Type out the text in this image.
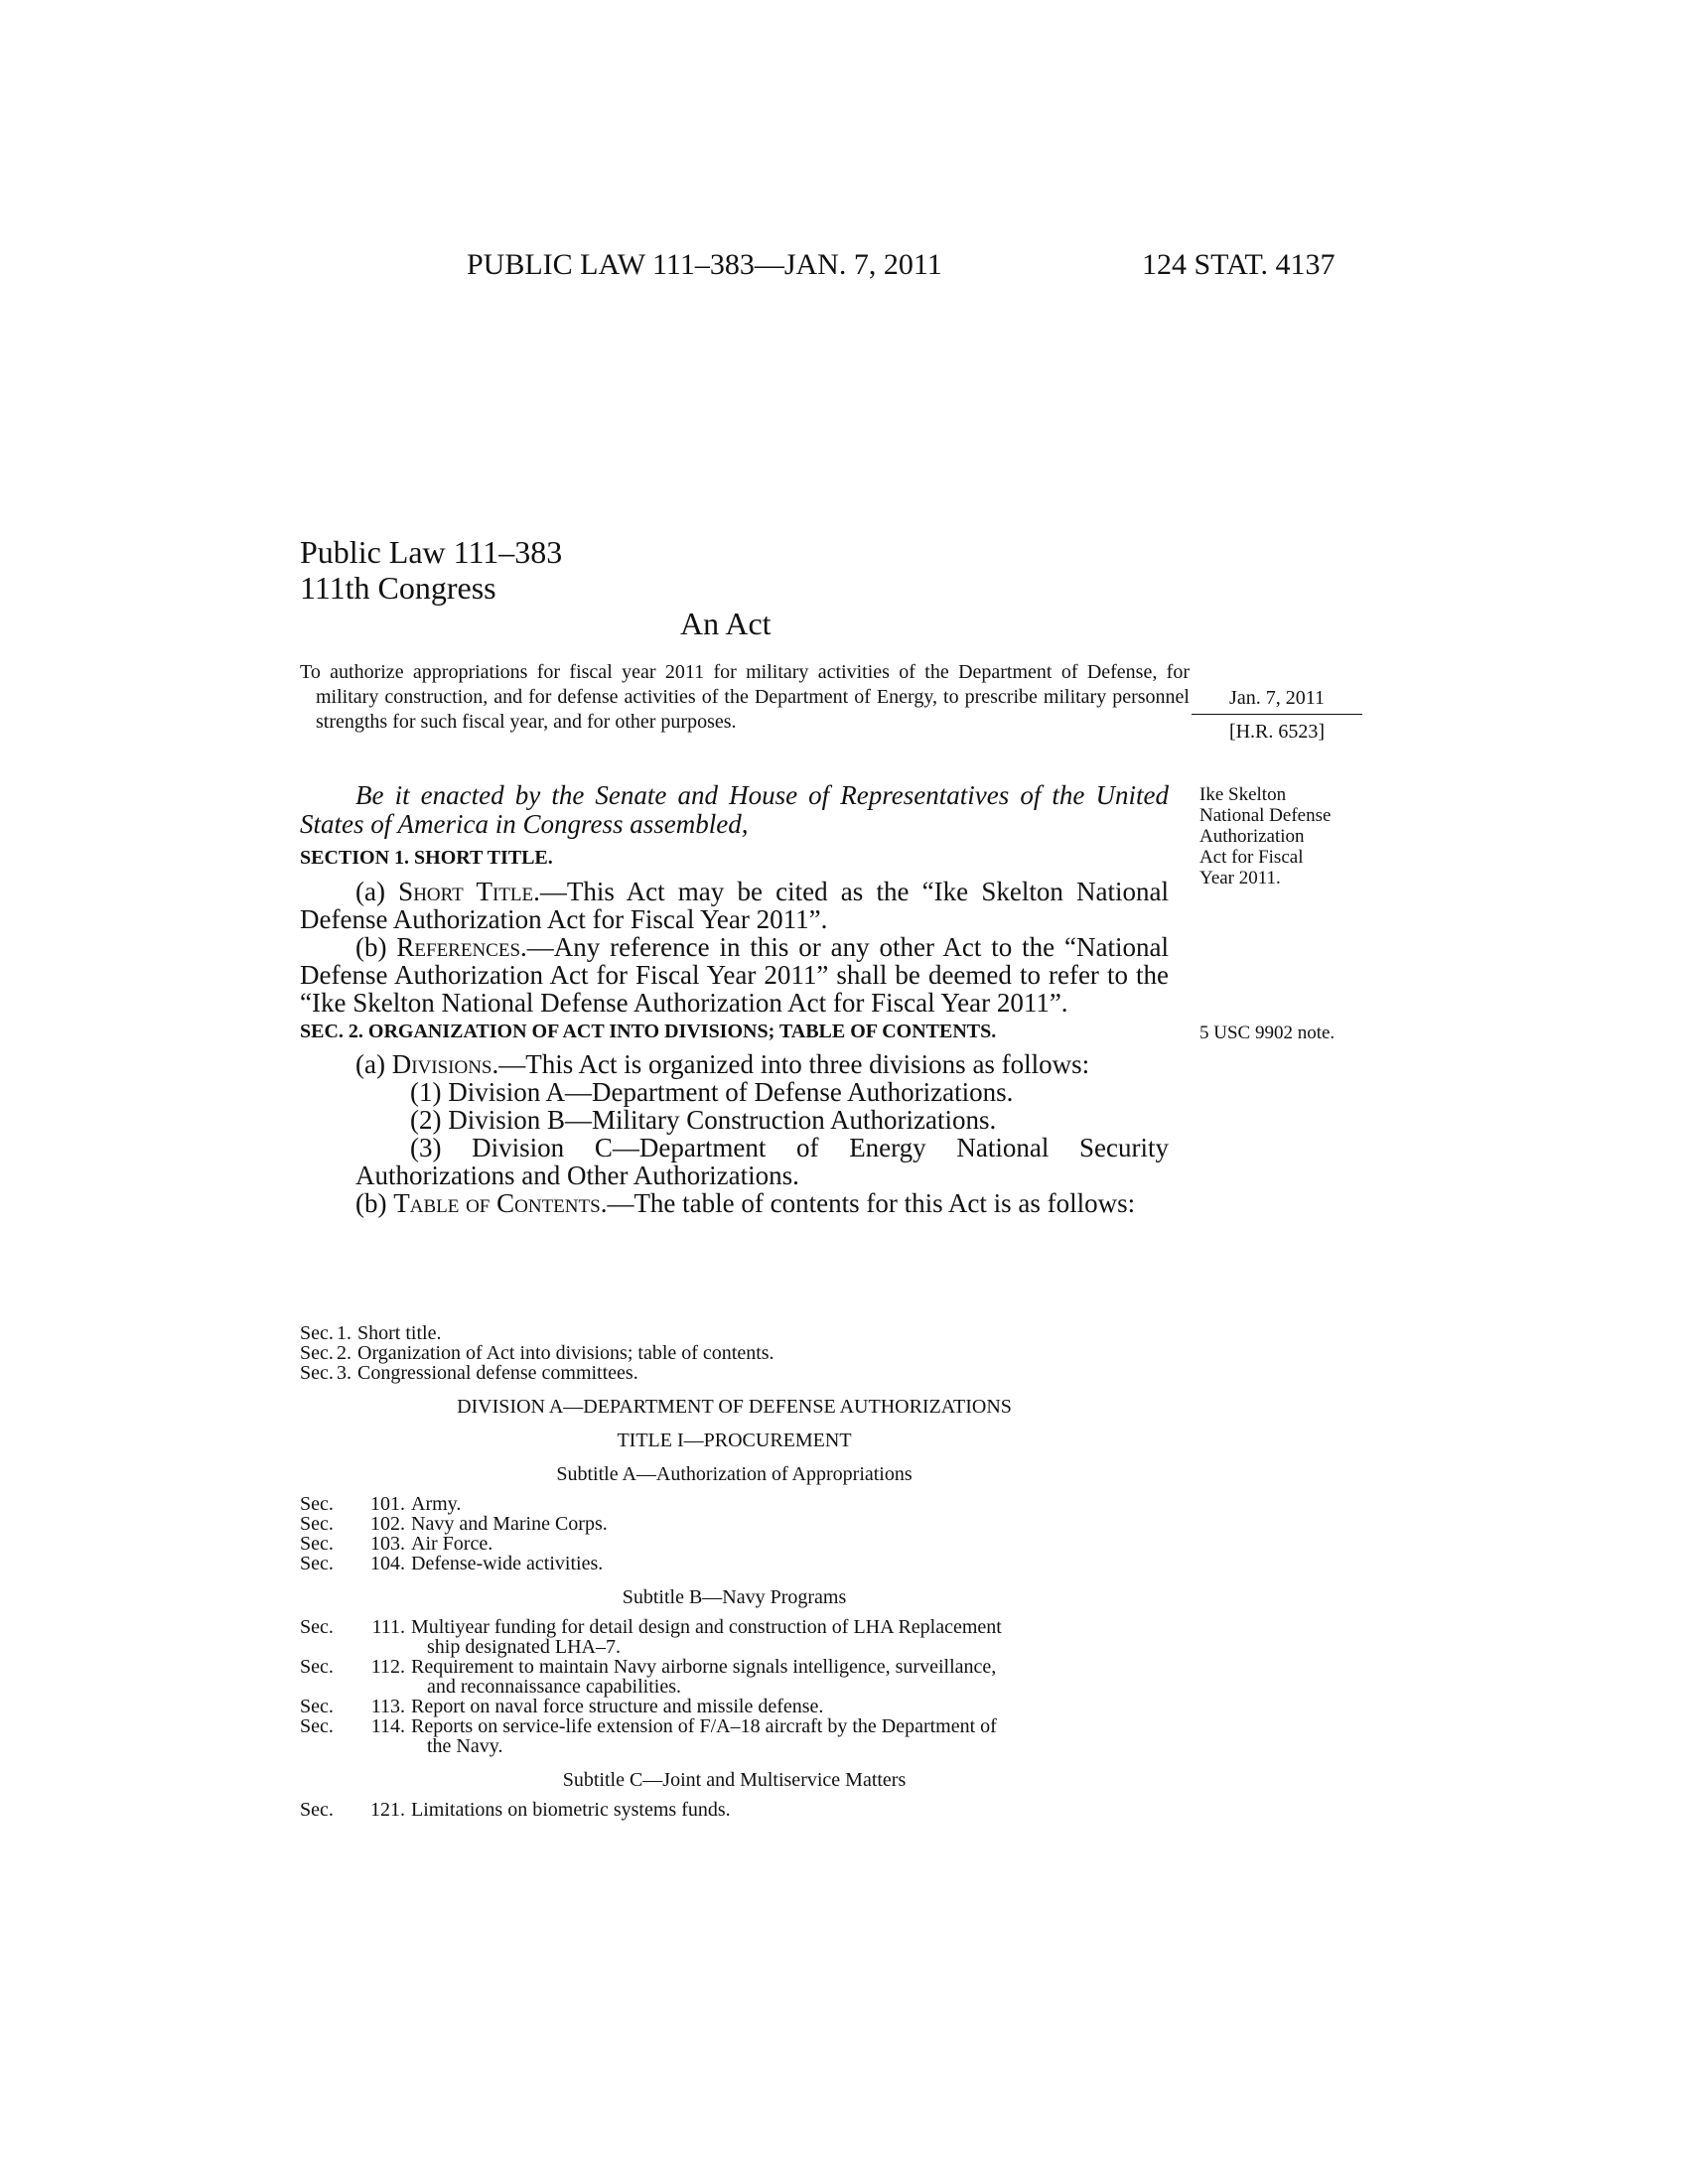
PUBLIC LAW 111–383—JAN. 7, 2011	124 STAT. 4137
Public Law 111–383
111th Congress
An Act
To authorize appropriations for fiscal year 2011 for military activities of the Department of Defense, for military construction, and for defense activities of the Department of Energy, to prescribe military personnel strengths for such fiscal year, and for other purposes.
Jan. 7, 2011
[H.R. 6523]
Be it enacted by the Senate and House of Representatives of the United States of America in Congress assembled,
Ike Skelton
National Defense
Authorization
Act for Fiscal
Year 2011.
SECTION 1. SHORT TITLE.

(a) Short Title.—This Act may be cited as the “Ike Skelton National Defense Authorization Act for Fiscal Year 2011”.

(b) References.—Any reference in this or any other Act to the “National Defense Authorization Act for Fiscal Year 2011” shall be deemed to refer to the “Ike Skelton National Defense Authorization Act for Fiscal Year 2011”.

SEC. 2. ORGANIZATION OF ACT INTO DIVISIONS; TABLE OF CONTENTS.	5 USC 9902 note.

(a) Divisions.—This Act is organized into three divisions as follows:

(1) Division A—Department of Defense Authorizations.

(2) Division B—Military Construction Authorizations.

(3) Division C—Department of Energy National Security Authorizations and Other Authorizations.

(b) Table of Contents.—The table of contents for this Act is as follows:

Sec. 1. Short title.
Sec. 2. Organization of Act into divisions; table of contents.
Sec. 3. Congressional defense committees.
DIVISION A—DEPARTMENT OF DEFENSE AUTHORIZATIONS
TITLE I—PROCUREMENT
Subtitle A—Authorization of Appropriations
Sec.	101. Army.
Sec.	102. Navy and Marine Corps.
Sec.	103. Air Force.
Sec.	104. Defense-wide activities.
Subtitle B—Navy Programs
Sec.	111. Multiyear funding for detail design and construction of LHA Replacement
ship designated LHA–7.
Sec.	112. Requirement to maintain Navy airborne signals intelligence, surveillance,
and reconnaissance capabilities.
Sec.	113. Report on naval force structure and missile defense.
Sec.	114. Reports on service-life extension of F/A–18 aircraft by the Department of
the Navy.
Subtitle C—Joint and Multiservice Matters
Sec.	121. Limitations on biometric systems funds.
